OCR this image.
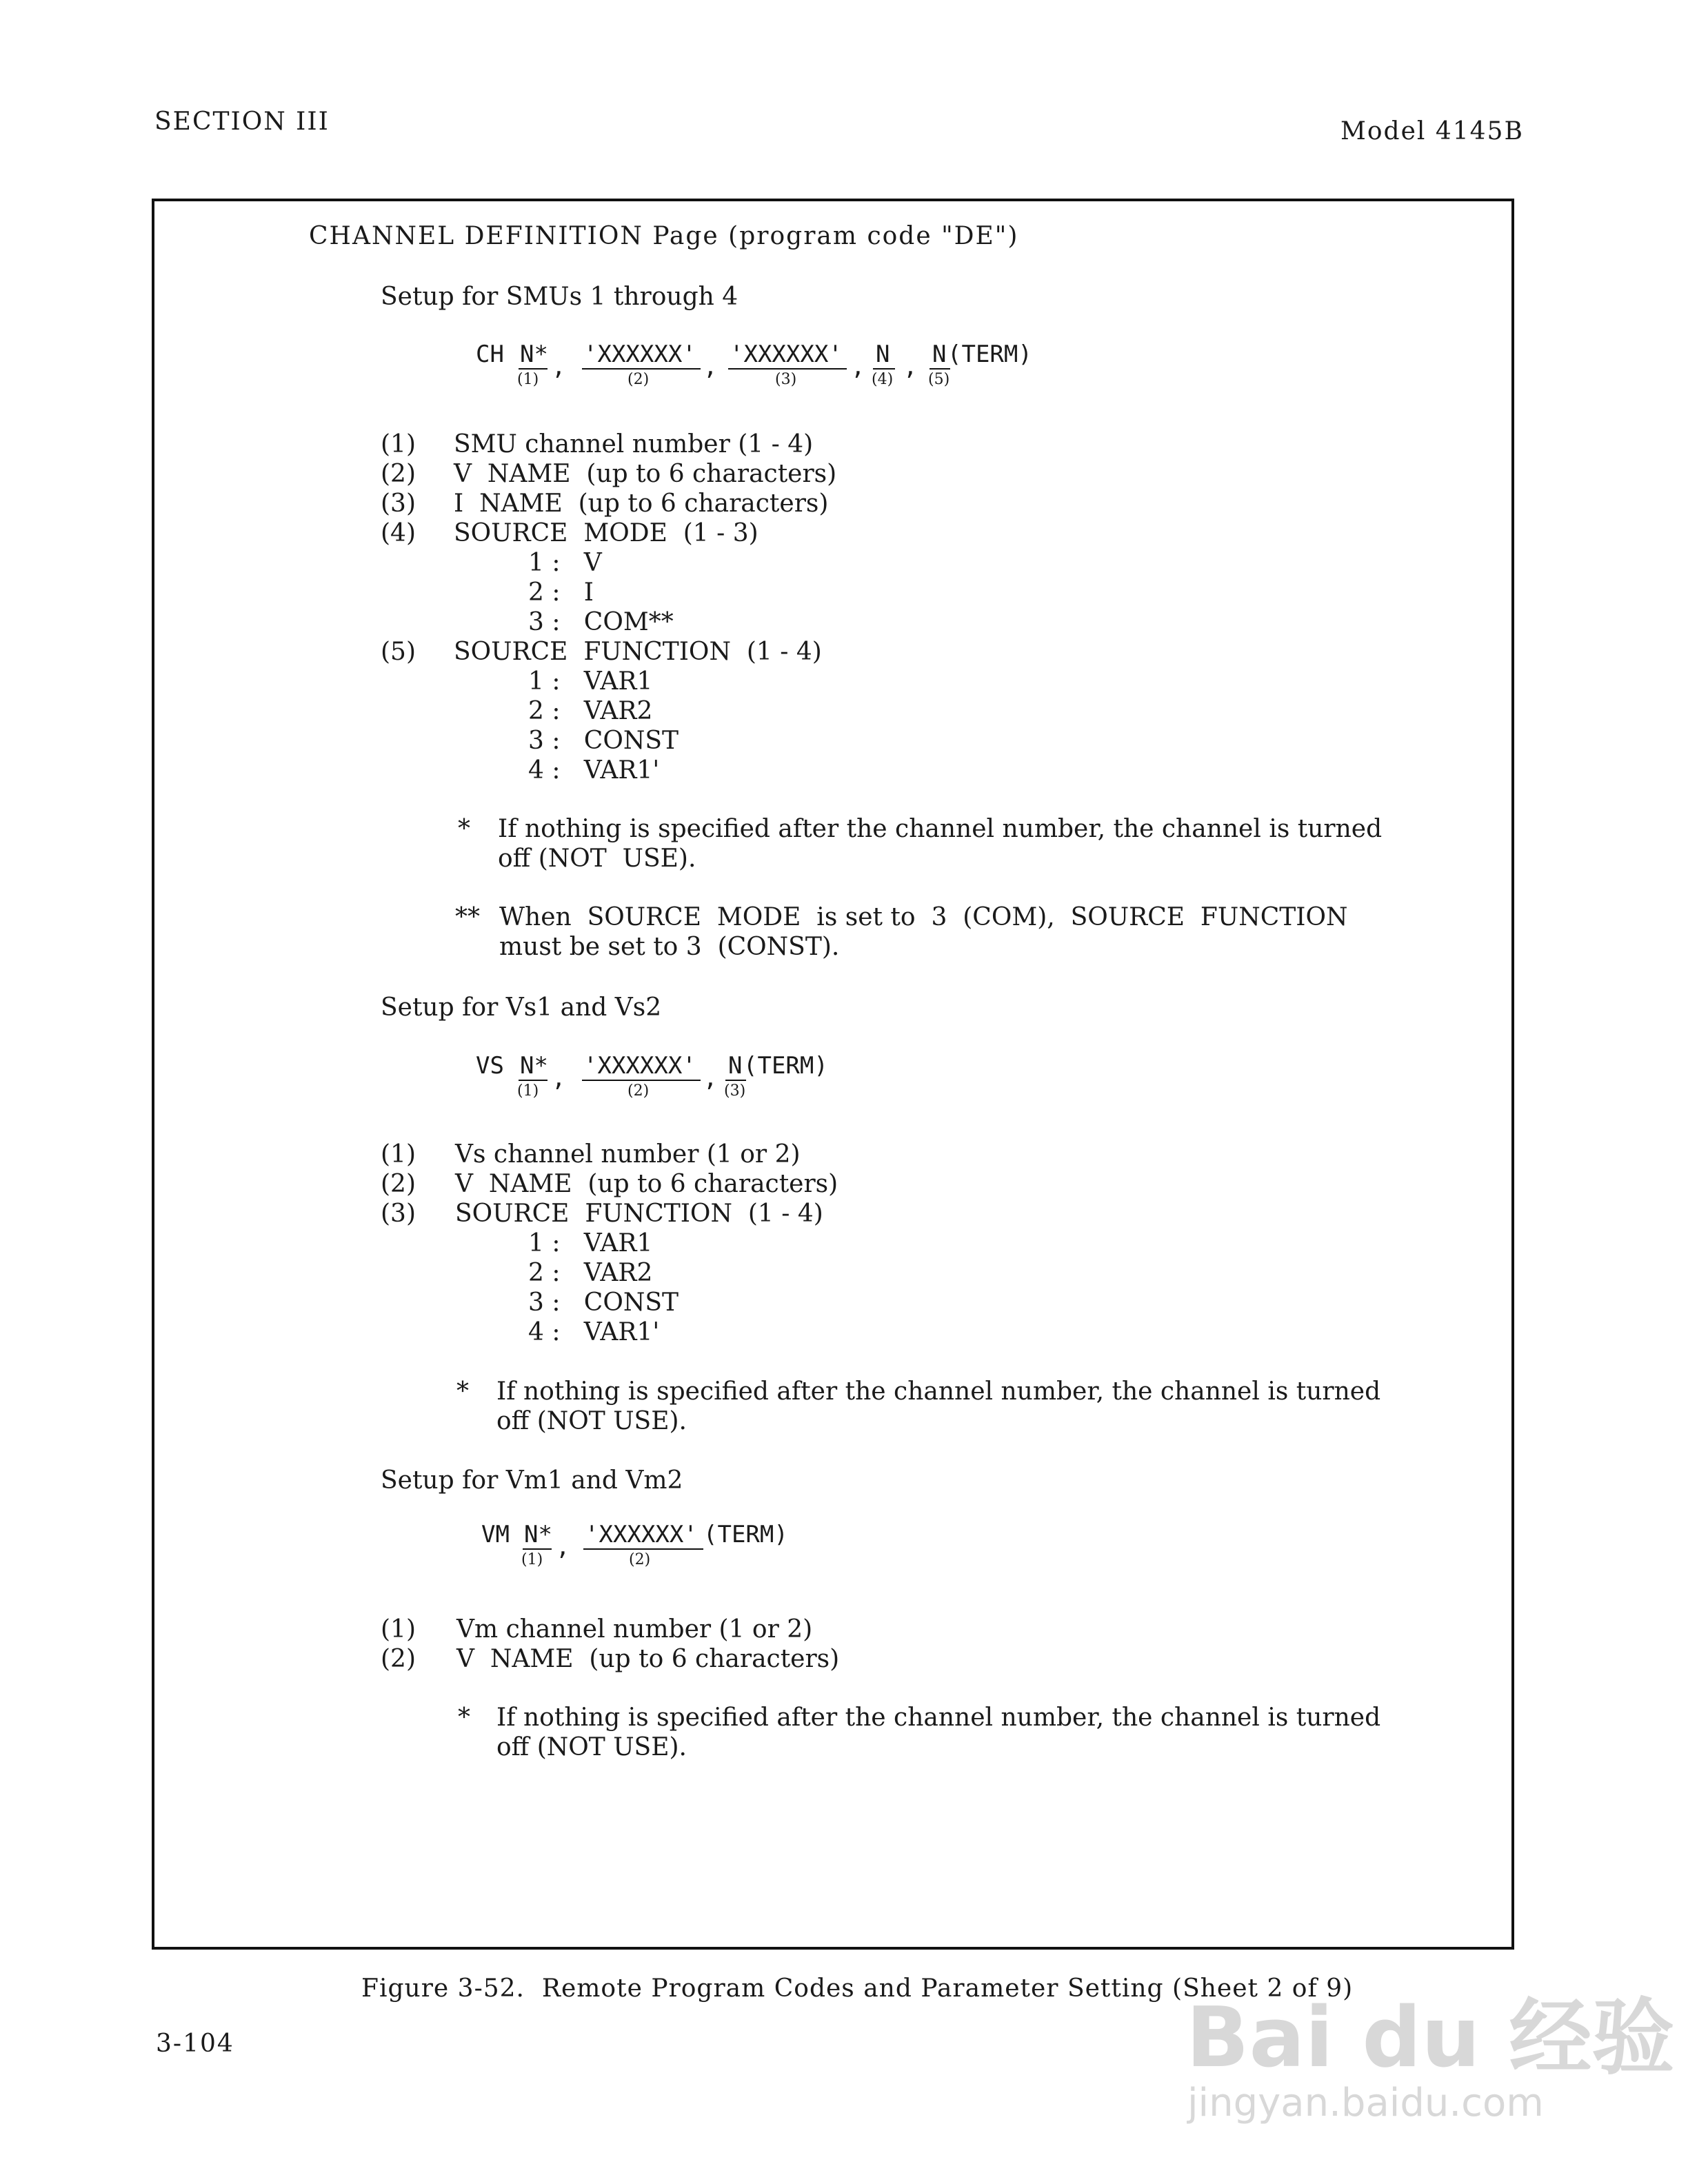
SECTION III	Model 4145B
CHANNEL DEFINITION Page (program code "DE")
Setup for SMUs 1 through 4
CH N*
(1) , 'XXXXXX'
(2) , 'XXXXXX'
(3) , N
(4) , N (TERM)
(5)
(1) SMU channel number (1 - 4)
(2) V  NAME  (up to 6 characters)
(3) I  NAME  (up to 6 characters)
(4) SOURCE  MODE  (1 - 3)
1 :   V
2 :   I
3 :   COM**
(5) SOURCE  FUNCTION  (1 - 4)
1 :   VAR1
2 :   VAR2
3 :   CONST
4 :   VAR1'
* If nothing is specified after the channel number, the channel is turned
off (NOT  USE).
** When  SOURCE  MODE  is set to  3  (COM),  SOURCE  FUNCTION
must be set to 3  (CONST).
Setup for Vs1 and Vs2
VS N*
(1) , 'XXXXXX'
(2) , N (TERM)
(3)
(1) Vs channel number (1 or 2)
(2) V  NAME  (up to 6 characters)
(3) SOURCE  FUNCTION  (1 - 4)
1 :   VAR1
2 :   VAR2
3 :   CONST
4 :   VAR1'
* If nothing is specified after the channel number, the channel is turned
off (NOT USE).
Setup for Vm1 and Vm2
VM N*
(1) , 'XXXXXX' (TERM)
(2)
(1) Vm channel number (1 or 2)
(2) V  NAME  (up to 6 characters)
* If nothing is specified after the channel number, the channel is turned
off (NOT USE).
Figure 3-52.  Remote Program Codes and Parameter Setting (Sheet 2 of 9)
3-104	Bai du 经验
jingyan.baidu.com
